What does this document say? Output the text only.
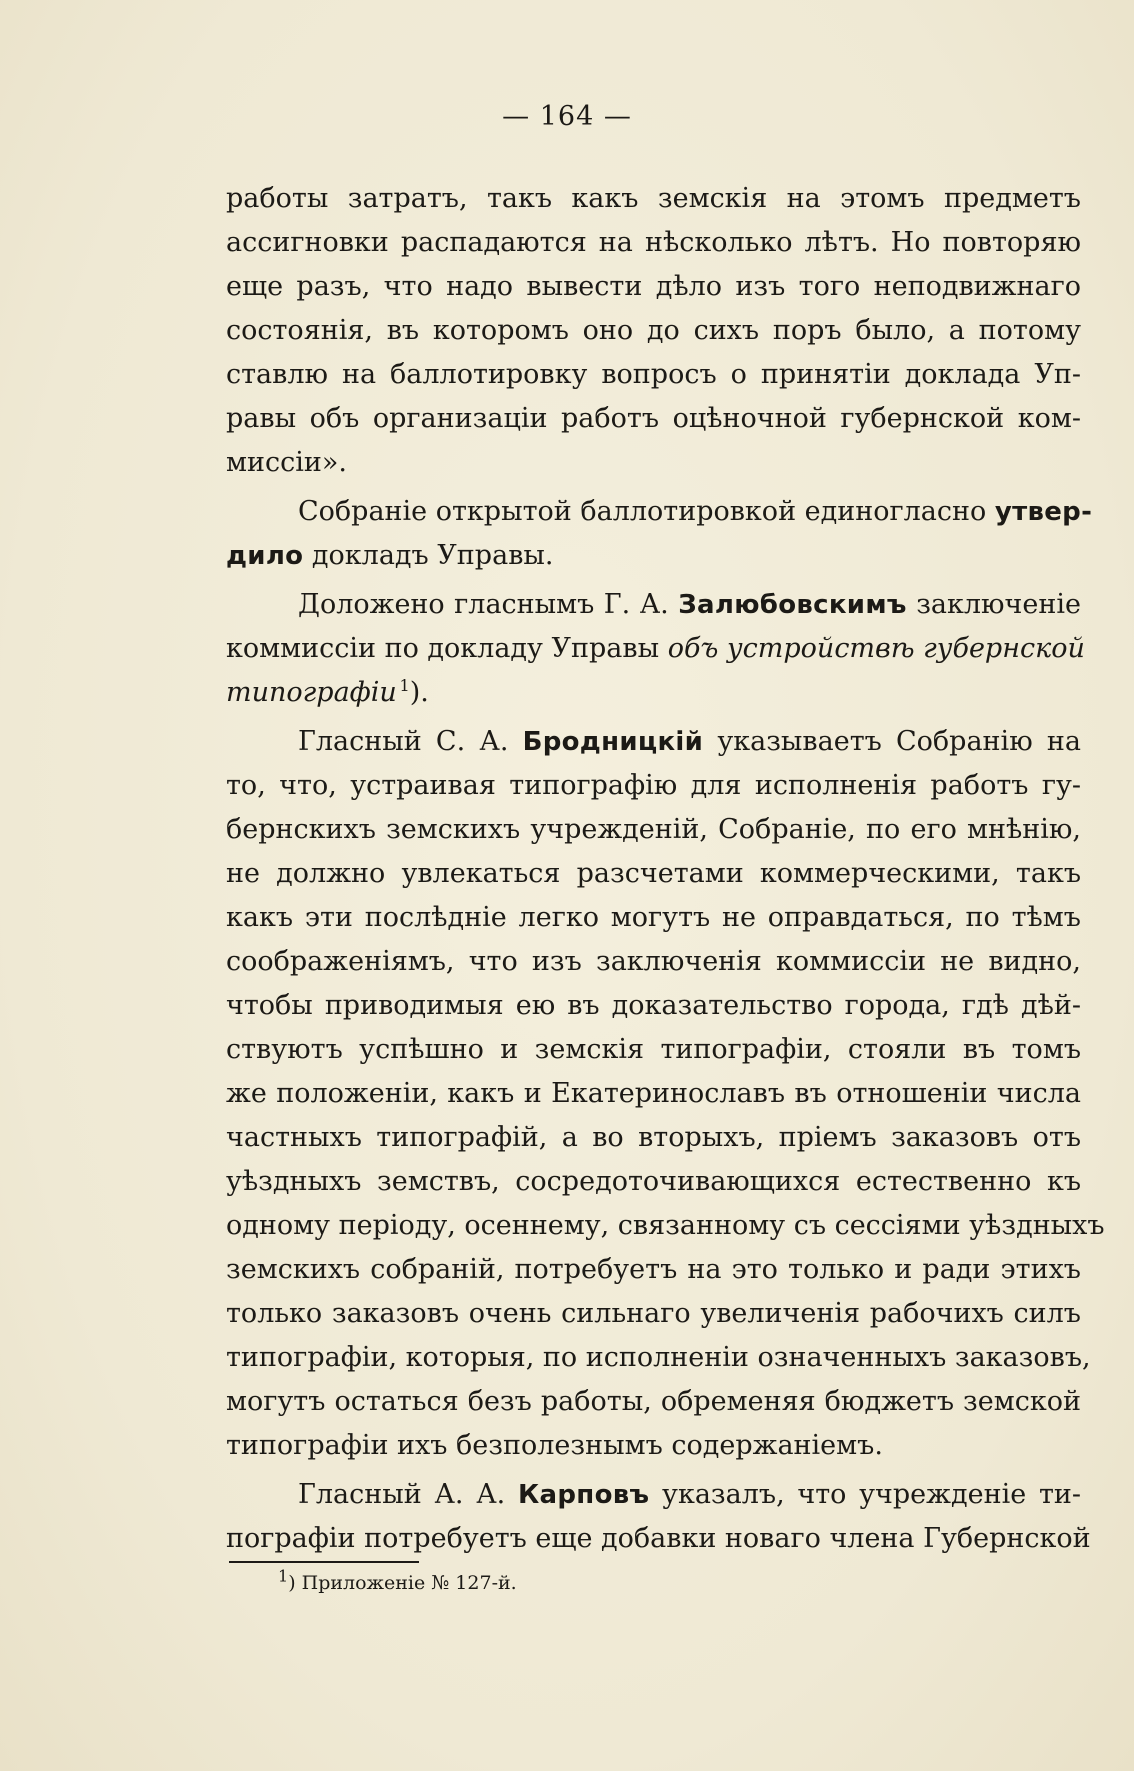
— 164 —
работы затратъ, такъ какъ земскія на этомъ предметъ
ассигновки распадаются на нѣсколько лѣтъ. Но повторяю
еще разъ, что надо вывести дѣло изъ того неподвижнаго
состоянія, въ которомъ оно до сихъ поръ было, а потому
ставлю на баллотировку вопросъ о принятіи доклада Уп-
равы объ организаціи работъ оцѣночной губернской ком-
миссіи».
Собраніе открытой баллотировкой единогласно утвер-
дило докладъ Управы.
Доложено гласнымъ Г. А. Залюбовскимъ заключеніе
коммиссіи по докладу Управы объ устройствѣ губернской
типографіи  $^1$).
Гласный С. А. Бродницкій указываетъ Собранію на
то, что, устраивая типографію для исполненія работъ гу-
бернскихъ земскихъ учрежденій, Собраніе, по его мнѣнію,
не должно увлекаться разсчетами коммерческими, такъ
какъ эти послѣдніе легко могутъ не оправдаться, по тѣмъ
соображеніямъ, что изъ заключенія коммиссіи не видно,
чтобы приводимыя ею въ доказательство города, гдѣ дѣй-
ствуютъ успѣшно и земскія типографіи, стояли въ томъ
же положеніи, какъ и Екатеринославъ въ отношеніи числа
частныхъ типографій, а во вторыхъ, пріемъ заказовъ отъ
уѣздныхъ земствъ, сосредоточивающихся естественно къ
одному періоду, осеннему, связанному съ сессіями уѣздныхъ
земскихъ собраній, потребуетъ на это только и ради этихъ
только заказовъ очень сильнаго увеличенія рабочихъ силъ
типографіи, которыя, по исполненіи означенныхъ заказовъ,
могутъ остаться безъ работы, обременяя бюджетъ земской
типографіи ихъ безполезнымъ содержаніемъ.
Гласный А. А. Карповъ указалъ, что учрежденіе ти-
пографіи потребуетъ еще добавки новаго члена Губернской
$^1$) Приложеніе № 127-й.
